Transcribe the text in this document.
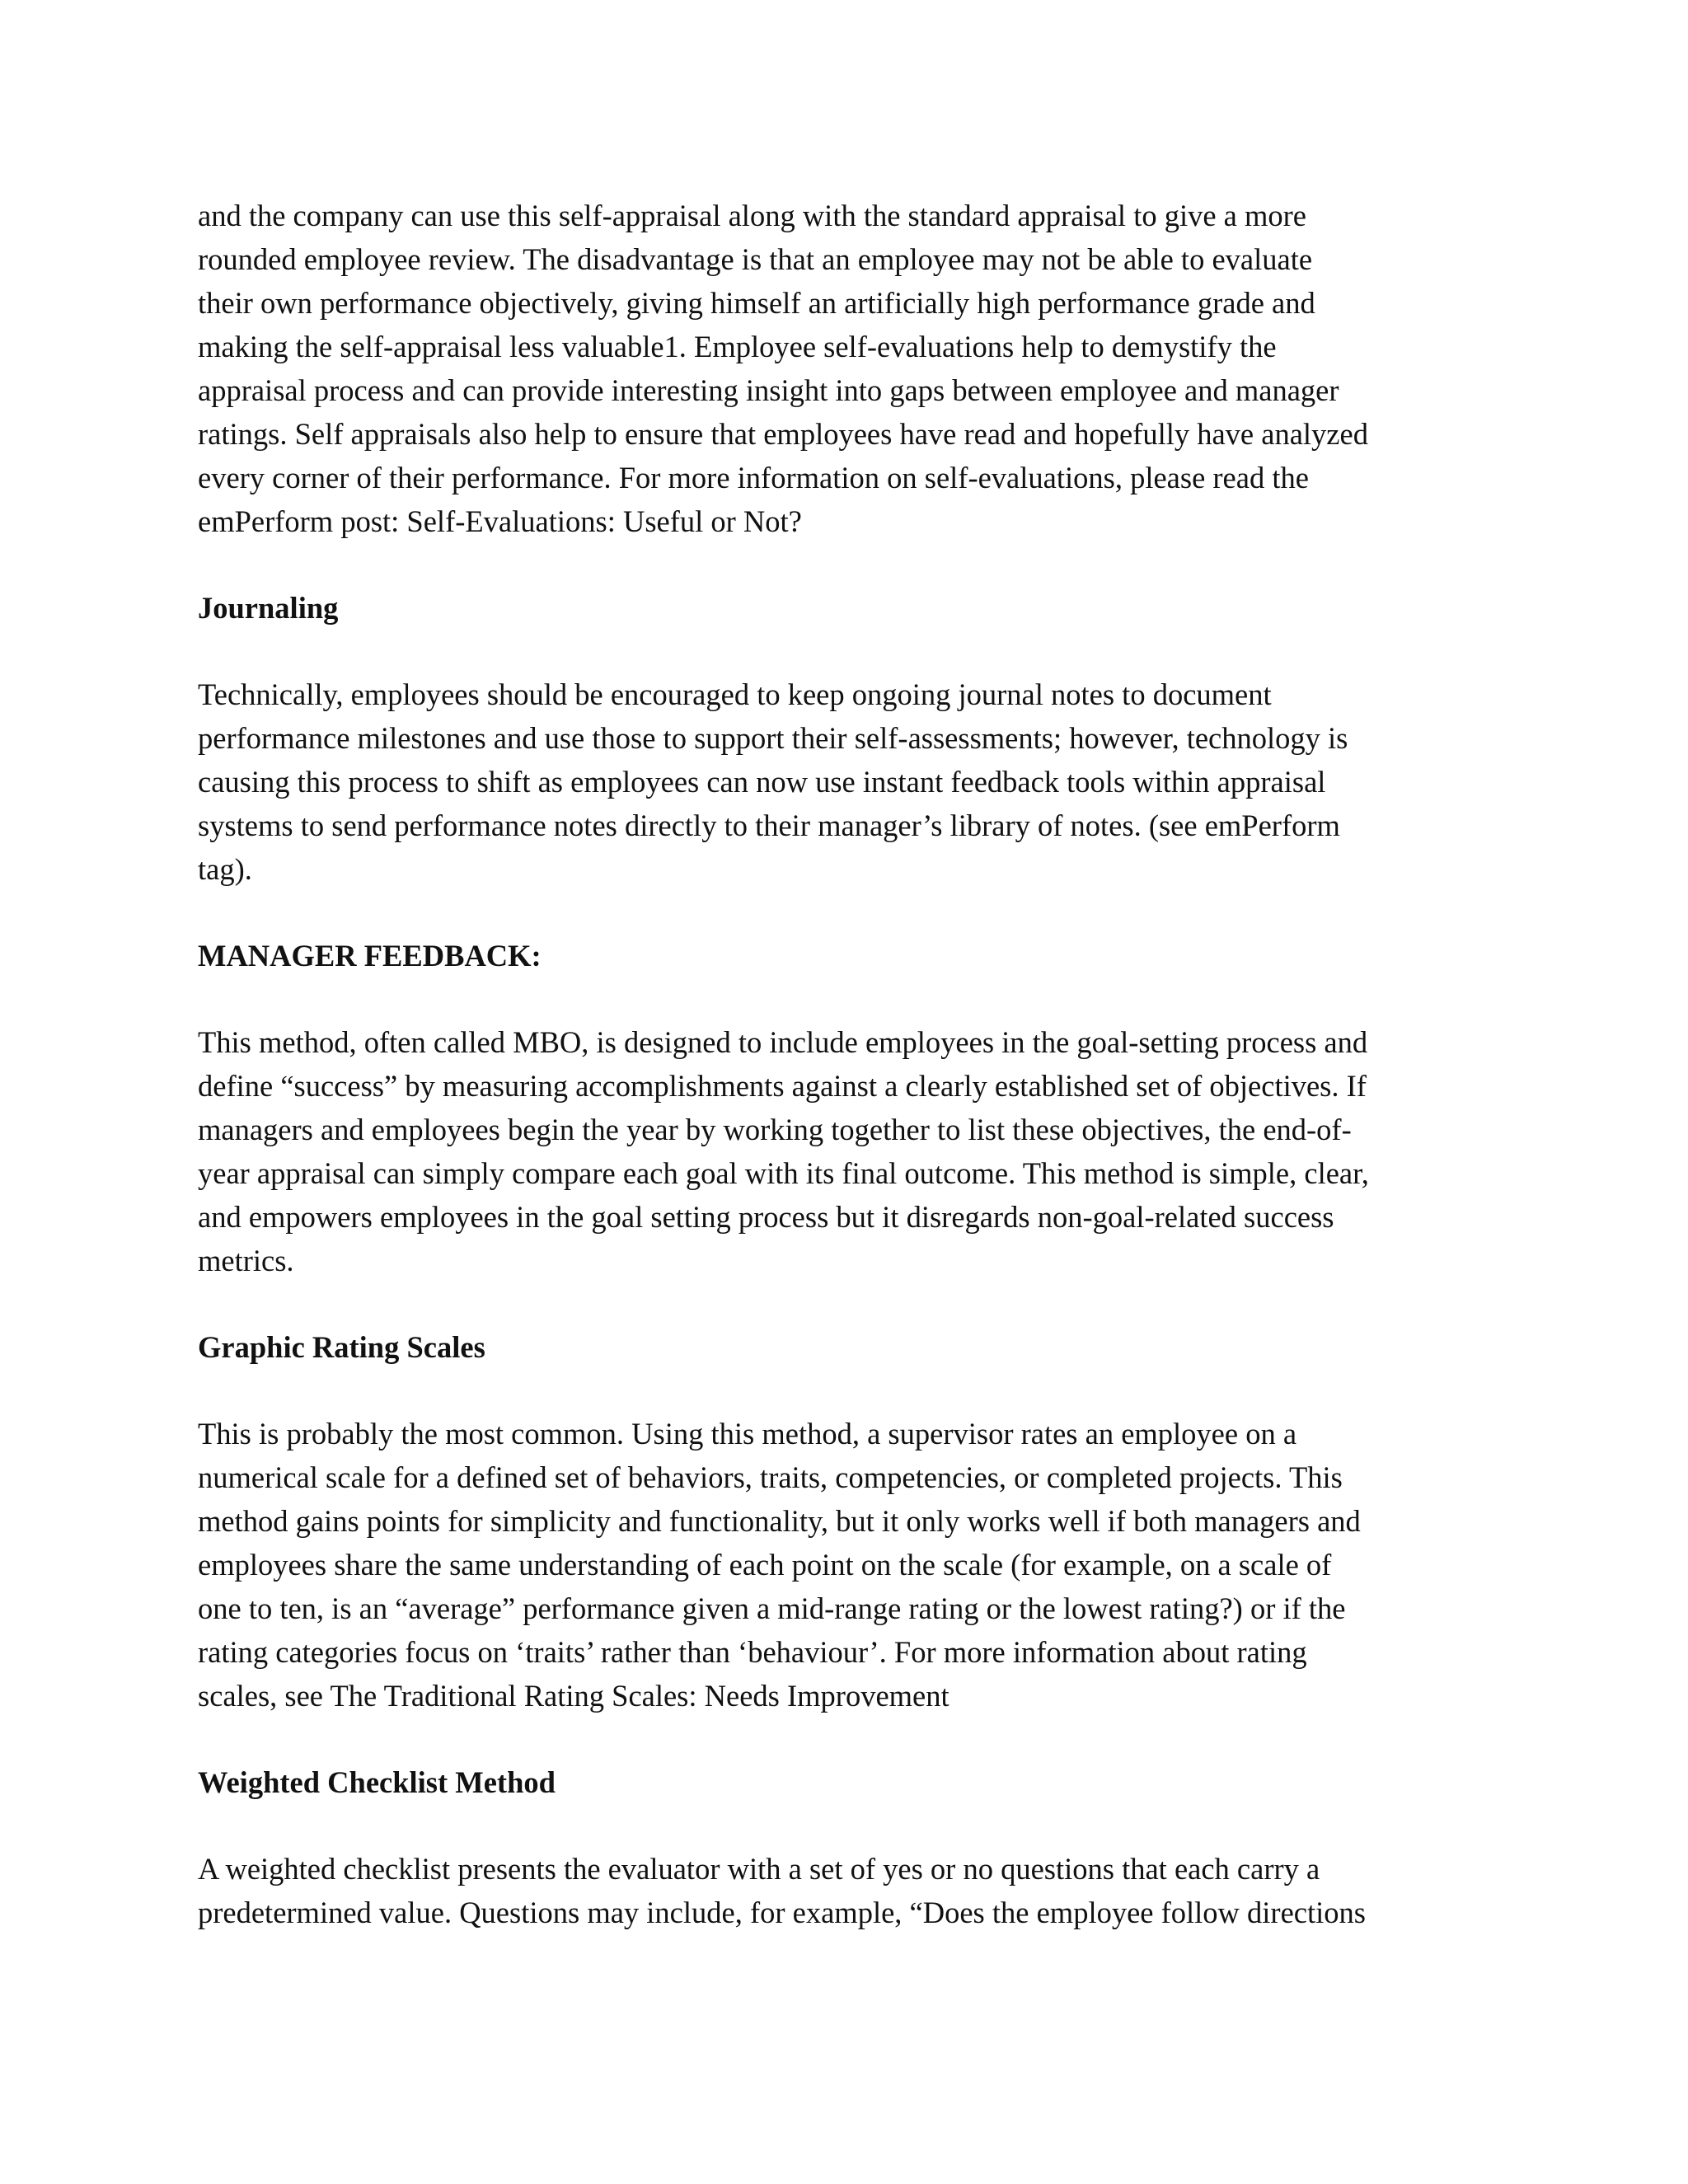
and the company can use this self-appraisal along with the standard appraisal to give a more

rounded employee review. The disadvantage is that an employee may not be able to evaluate

their own performance objectively, giving himself an artificially high performance grade and

making the self-appraisal less valuable1. Employee self-evaluations help to demystify the

appraisal process and can provide interesting insight into gaps between employee and manager

ratings. Self appraisals also help to ensure that employees have read and hopefully have analyzed

every corner of their performance. For more information on self-evaluations, please read the

emPerform post: Self-Evaluations: Useful or Not?

Journaling

Technically, employees should be encouraged to keep ongoing journal notes to document

performance milestones and use those to support their self-assessments; however, technology is

causing this process to shift as employees can now use instant feedback tools within appraisal

systems to send performance notes directly to their manager’s library of notes. (see emPerform

tag).

MANAGER FEEDBACK:

This method, often called MBO, is designed to include employees in the goal-setting process and

define “success” by measuring accomplishments against a clearly established set of objectives. If

managers and employees begin the year by working together to list these objectives, the end-of-

year appraisal can simply compare each goal with its final outcome. This method is simple, clear,

and empowers employees in the goal setting process but it disregards non-goal-related success

metrics.

Graphic Rating Scales

This is probably the most common. Using this method, a supervisor rates an employee on a

numerical scale for a defined set of behaviors, traits, competencies, or completed projects. This

method gains points for simplicity and functionality, but it only works well if both managers and

employees share the same understanding of each point on the scale (for example, on a scale of

one to ten, is an “average” performance given a mid-range rating or the lowest rating?) or if the

rating categories focus on ‘traits’ rather than ‘behaviour’. For more information about rating

scales, see The Traditional Rating Scales: Needs Improvement

Weighted Checklist Method

A weighted checklist presents the evaluator with a set of yes or no questions that each carry a

predetermined value. Questions may include, for example, “Does the employee follow directions
